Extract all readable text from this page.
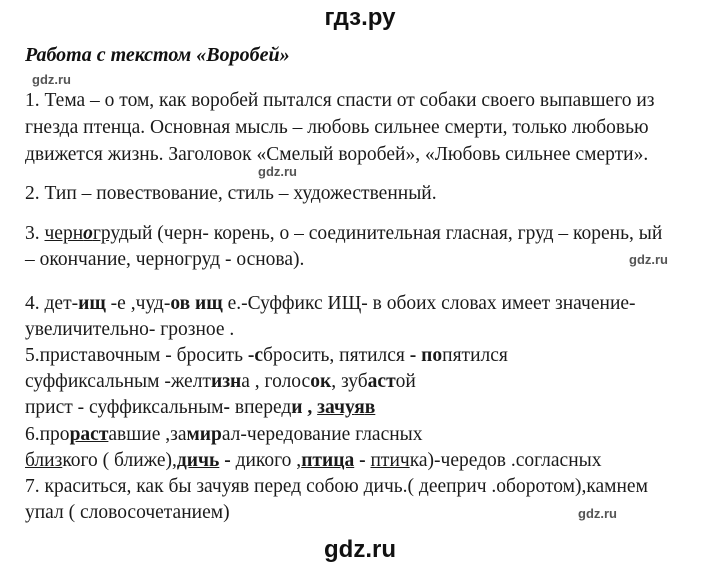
гдз.ру
Работа с текстом «Воробей»
gdz.ru
gdz.ru
gdz.ru
gdz.ru
1. Тема – о том, как воробей пытался спасти от собаки своего выпавшего из
гнезда птенца. Основная мысль – любовь сильнее смерти, только любовью
движется жизнь. Заголовок «Смелый воробей», «Любовь сильнее смерти».
2. Тип – повествование, стиль – художественный.
3. черногрудый (черн- корень, о – соединительная гласная, груд – корень, ый
– окончание, черногруд - основа).
4. дет-ищ -е ,чуд-ов ищ е.-Суффикс ИЩ- в обоих словах имеет значение-
увеличительно- грозное .
5.приставочным - бросить -сбросить, пятился - попятился
суффиксальным -желтизна , голосок, зубастой
прист - суффиксальным- впереди , зачуяв
6.прораставшие ,замирал-чередование гласных
близкого ( ближе),дичь - дикого ,птица - птичка)-чередов .согласных
7. краситься, как бы зачуяв перед собою дичь.( дееприч .оборотом),камнем
упал ( словосочетанием)
gdz.ru
